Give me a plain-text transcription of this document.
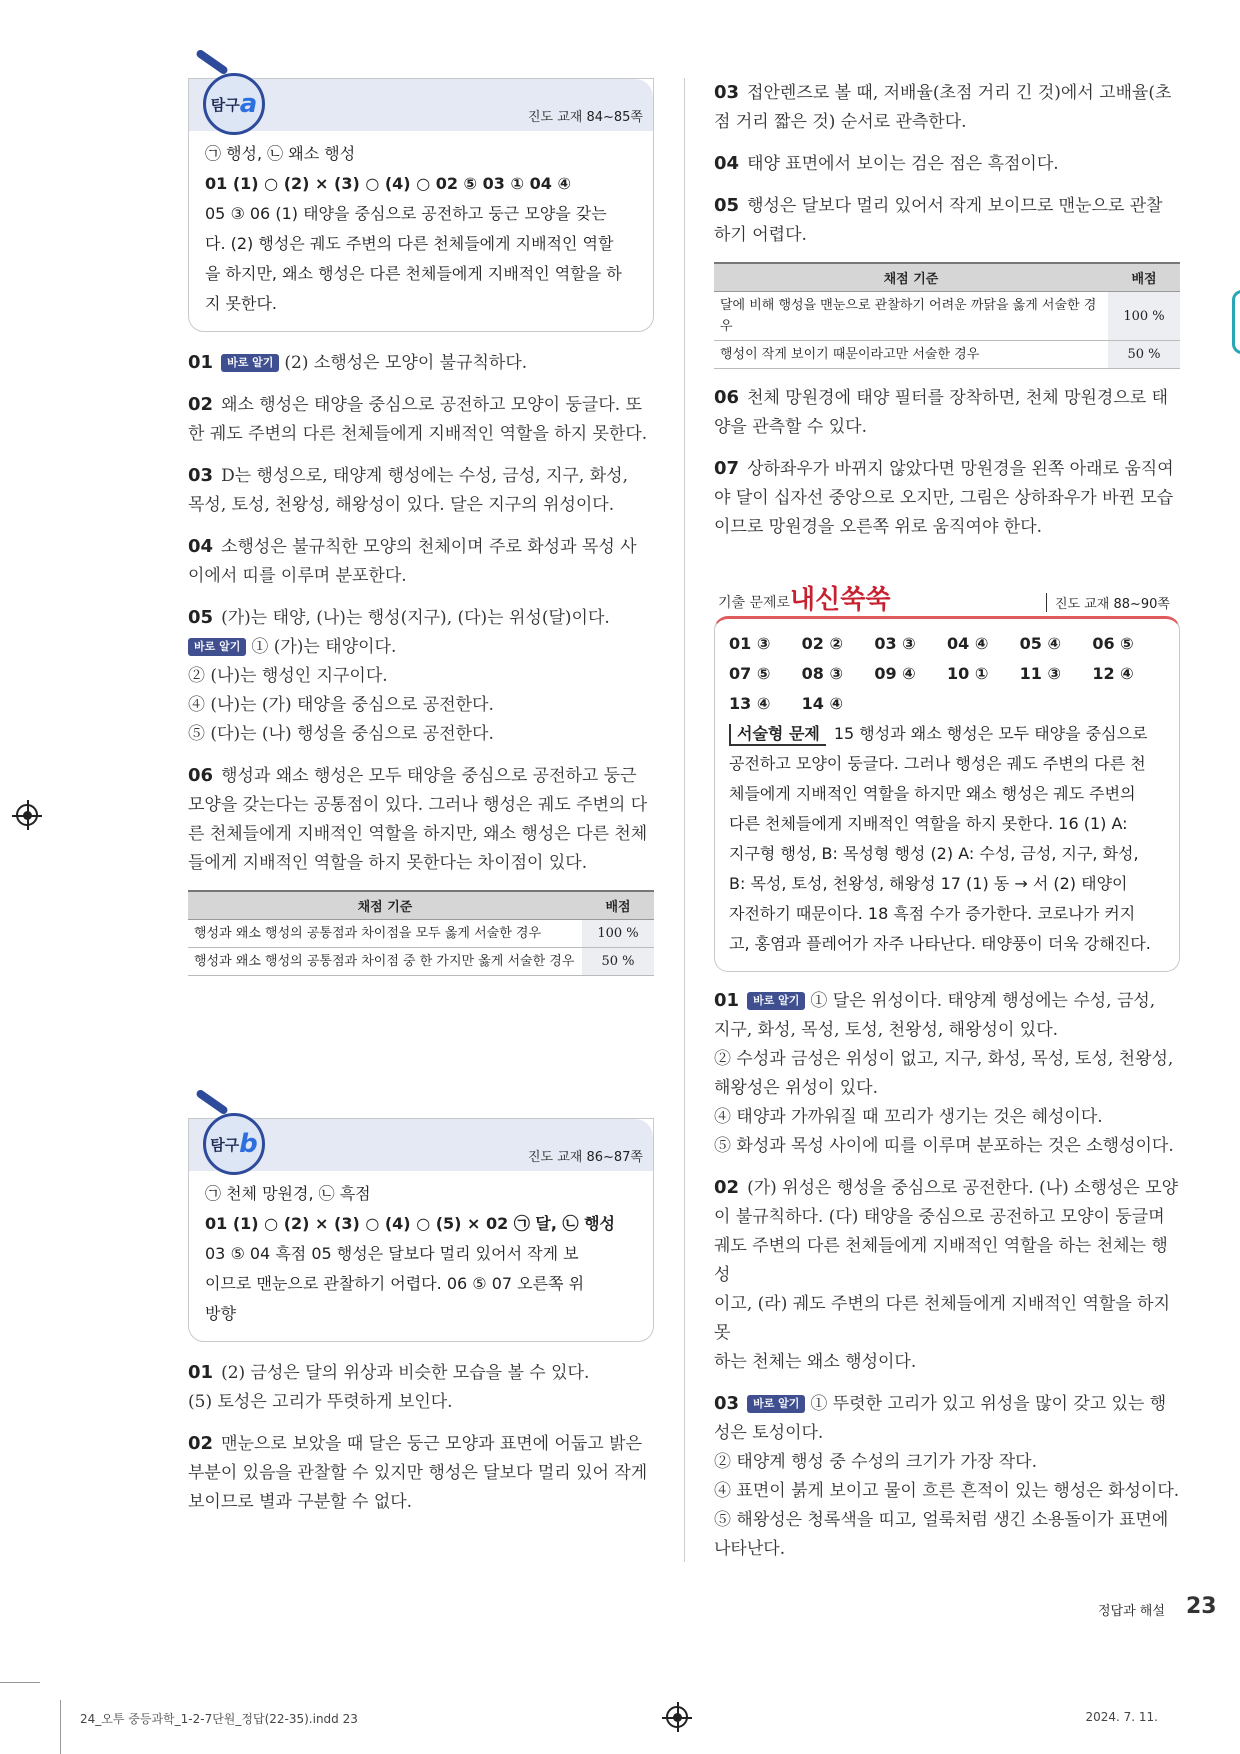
탐구 a	진도 교재 84~85쪽
㉠ 행성, ㉡ 왜소 행성
01 (1) ○ (2) × (3) ○ (4) ○ 02 ⑤ 03 ① 04 ④
05 ③ 06 (1) 태양을 중심으로 공전하고 둥근 모양을 갖는
다. (2) 행성은 궤도 주변의 다른 천체들에게 지배적인 역할
을 하지만, 왜소 행성은 다른 천체들에게 지배적인 역할을 하
지 못한다.
01 바로 알기 (2) 소행성은 모양이 불규칙하다.
02 왜소 행성은 태양을 중심으로 공전하고 모양이 둥글다. 또
한 궤도 주변의 다른 천체들에게 지배적인 역할을 하지 못한다.
03 D는 행성으로, 태양계 행성에는 수성, 금성, 지구, 화성,
목성, 토성, 천왕성, 해왕성이 있다. 달은 지구의 위성이다.
04 소행성은 불규칙한 모양의 천체이며 주로 화성과 목성 사
이에서 띠를 이루며 분포한다.
05 (가)는 태양, (나)는 행성(지구), (다)는 위성(달)이다.
바로 알기 ① (가)는 태양이다.
② (나)는 행성인 지구이다.
④ (나)는 (가) 태양을 중심으로 공전한다.
⑤ (다)는 (나) 행성을 중심으로 공전한다.
06 행성과 왜소 행성은 모두 태양을 중심으로 공전하고 둥근
모양을 갖는다는 공통점이 있다. 그러나 행성은 궤도 주변의 다
른 천체들에게 지배적인 역할을 하지만, 왜소 행성은 다른 천체
들에게 지배적인 역할을 하지 못한다는 차이점이 있다.
채점 기준	배점
행성과 왜소 행성의 공통점과 차이점을 모두 옳게 서술한 경우	100 %
행성과 왜소 행성의 공통점과 차이점 중 한 가지만 옳게 서술한 경우	50 %
탐구 b	진도 교재 86~87쪽
㉠ 천체 망원경, ㉡ 흑점
01 (1) ○ (2) × (3) ○ (4) ○ (5) × 02 ㉠ 달, ㉡ 행성
03 ⑤ 04 흑점 05 행성은 달보다 멀리 있어서 작게 보
이므로 맨눈으로 관찰하기 어렵다. 06 ⑤ 07 오른쪽 위
방향
01 (2) 금성은 달의 위상과 비슷한 모습을 볼 수 있다.
(5) 토성은 고리가 뚜렷하게 보인다.
02 맨눈으로 보았을 때 달은 둥근 모양과 표면에 어둡고 밝은
부분이 있음을 관찰할 수 있지만 행성은 달보다 멀리 있어 작게
보이므로 별과 구분할 수 없다.
03 접안렌즈로 볼 때, 저배율(초점 거리 긴 것)에서 고배율(초
점 거리 짧은 것) 순서로 관측한다.
04 태양 표면에서 보이는 검은 점은 흑점이다.
05 행성은 달보다 멀리 있어서 작게 보이므로 맨눈으로 관찰
하기 어렵다.
채점 기준	배점
달에 비해 행성을 맨눈으로 관찰하기 어려운 까닭을 옳게 서술한 경우	100 %
행성이 작게 보이기 때문이라고만 서술한 경우	50 %
06 천체 망원경에 태양 필터를 장착하면, 천체 망원경으로 태
양을 관측할 수 있다.
07 상하좌우가 바뀌지 않았다면 망원경을 왼쪽 아래로 움직여
야 달이 십자선 중앙으로 오지만, 그림은 상하좌우가 바뀐 모습
이므로 망원경을 오른쪽 위로 움직여야 한다.
기출 문제로 내신쑥쑥	진도 교재 88~90쪽
01 ③	02 ②	03 ③	04 ④	05 ④	06 ⑤
07 ⑤	08 ③	09 ④	10 ①	11 ③	12 ④
13 ④	14 ④
서술형 문제 15 행성과 왜소 행성은 모두 태양을 중심으로
공전하고 모양이 둥글다. 그러나 행성은 궤도 주변의 다른 천
체들에게 지배적인 역할을 하지만 왜소 행성은 궤도 주변의
다른 천체들에게 지배적인 역할을 하지 못한다. 16 (1) A:
지구형 행성, B: 목성형 행성 (2) A: 수성, 금성, 지구, 화성,
B: 목성, 토성, 천왕성, 해왕성 17 (1) 동 → 서 (2) 태양이
자전하기 때문이다. 18 흑점 수가 증가한다. 코로나가 커지
고, 홍염과 플레어가 자주 나타난다. 태양풍이 더욱 강해진다.
01 바로 알기 ① 달은 위성이다. 태양계 행성에는 수성, 금성,
지구, 화성, 목성, 토성, 천왕성, 해왕성이 있다.
② 수성과 금성은 위성이 없고, 지구, 화성, 목성, 토성, 천왕성,
해왕성은 위성이 있다.
④ 태양과 가까워질 때 꼬리가 생기는 것은 혜성이다.
⑤ 화성과 목성 사이에 띠를 이루며 분포하는 것은 소행성이다.
02 (가) 위성은 행성을 중심으로 공전한다. (나) 소행성은 모양
이 불규칙하다. (다) 태양을 중심으로 공전하고 모양이 둥글며
궤도 주변의 다른 천체들에게 지배적인 역할을 하는 천체는 행성
이고, (라) 궤도 주변의 다른 천체들에게 지배적인 역할을 하지 못
하는 천체는 왜소 행성이다.
03 바로 알기 ① 뚜렷한 고리가 있고 위성을 많이 갖고 있는 행
성은 토성이다.
② 태양계 행성 중 수성의 크기가 가장 작다.
④ 표면이 붉게 보이고 물이 흐른 흔적이 있는 행성은 화성이다.
⑤ 해왕성은 청록색을 띠고, 얼룩처럼 생긴 소용돌이가 표면에
나타난다.
정답과 해설 23
24_오투 중등과학_1-2-7단원_정답(22-35).indd 23	2024. 7. 11.
